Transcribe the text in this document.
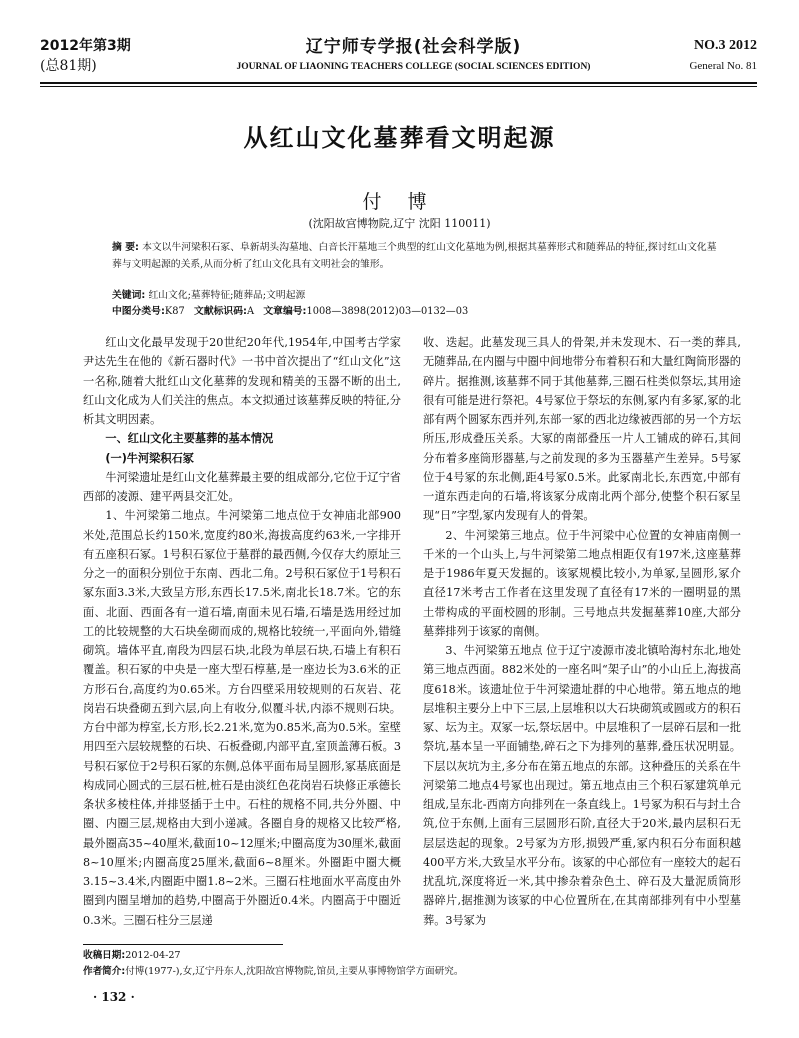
2012年第3期
(总81期)
辽宁师专学报(社会科学版)
JOURNAL OF LIAONING TEACHERS COLLEGE (SOCIAL SCIENCES EDITION)
NO.3 2012
General No. 81
从红山文化墓葬看文明起源
付 博
(沈阳故宫博物院,辽宁 沈阳 110011)
摘 要: 本文以牛河梁积石冢、阜新胡头沟墓地、白音长汗墓地三个典型的红山文化墓地为例,根据其墓葬形式和随葬品的特征,探讨红山文化墓葬与文明起源的关系,从而分析了红山文化具有文明社会的雏形。
关键词: 红山文化;墓葬特征;随葬品;文明起源
中图分类号:K87 文献标识码:A 文章编号:1008—3898(2012)03—0132—03

红山文化最早发现于20世纪20年代,1954年,中国考古学家尹达先生在他的《新石器时代》一书中首次提出了“红山文化”这一名称,随着大批红山文化墓葬的发现和精美的玉器不断的出土,红山文化成为人们关注的焦点。本文拟通过该墓葬反映的特征,分析其文明因素。

一、红山文化主要墓葬的基本情况
(一)牛河梁积石冢

牛河梁遗址是红山文化墓葬最主要的组成部分,它位于辽宁省西部的凌源、建平两县交汇处。

1、牛河梁第二地点。牛河梁第二地点位于女神庙北部900米处,范围总长约150米,宽度约80米,海拔高度约63米,一字排开有五座积石冢。1号积石冢位于墓群的最西侧,今仅存大约原址三分之一的面积分别位于东南、西北二角。2号积石冢位于1号积石冢东面3.3米,大致呈方形,东西长17.5米,南北长18.7米。它的东面、北面、西面各有一道石墙,南面未见石墙,石墙是选用经过加工的比较规整的大石块垒砌而成的,规格比较统一,平面向外,错缝砌筑。墙体平直,南段为四层石块,北段为单层石块,石墙上有积石覆盖。积石冢的中央是一座大型石椁墓,是一座边长为3.6米的正方形石台,高度约为0.65米。方台四壁采用较规则的石灰岩、花岗岩石块叠砌五到六层,向上有收分,似覆斗状,内添不规则石块。方台中部为椁室,长方形,长2.21米,宽为0.85米,高为0.5米。室壁用四至六层较规整的石块、石板叠砌,内部平直,室顶盖薄石板。3号积石冢位于2号积石冢的东侧,总体平面布局呈圆形,冢基底面是构成同心圆式的三层石桩,桩石是由淡红色花岗岩石块修正承德长条状多棱柱体,并排竖插于土中。石柱的规格不同,共分外圈、中圈、内圈三层,规格由大到小递减。各圈自身的规格又比较严格,最外圈高35~40厘米,截面10~12厘米;中圈高度为30厘米,截面8~10厘米;内圈高度25厘米,截面6~8厘米。外圈距中圈大概3.15~3.4米,内圈距中圈1.8~2米。三圈石柱地面水平高度由外圈到内圈呈增加的趋势,中圈高于外圈近0.4米。内圈高于中圈近0.3米。三圈石柱分三层递

收、迭起。此墓发现三具人的骨架,并未发现木、石一类的葬具,无随葬品,在内圈与中圈中间地带分布着积石和大量红陶筒形器的碎片。据推测,该墓葬不同于其他墓葬,三圈石柱类似祭坛,其用途很有可能是进行祭祀。4号冢位于祭坛的东侧,冢内有多冢,冢的北部有两个圆冢东西并列,东部一冢的西北边缘被西部的另一个方坛所压,形成叠压关系。大冢的南部叠压一片人工铺成的碎石,其间分布着多座筒形器墓,与之前发现的多为玉器墓产生差异。5号冢位于4号冢的东北侧,距4号冢0.5米。此冢南北长,东西宽,中部有一道东西走向的石墙,将该冢分成南北两个部分,使整个积石冢呈现“日”字型,冢内发现有人的骨架。

2、牛河梁第三地点。位于牛河梁中心位置的女神庙南侧一千米的一个山头上,与牛河梁第二地点相距仅有197米,这座墓葬是于1986年夏天发掘的。该冢规模比较小,为单冢,呈圆形,冢介直径17米考古工作者在这里发现了直径有17米的一圈明显的黑土带构成的平面校圆的形制。三号地点共发掘墓葬10座,大部分墓葬排列于该冢的南侧。

3、牛河梁第五地点 位于辽宁凌源市凌北镇哈海村东北,地处第三地点西面。882米处的一座名叫“架子山”的小山丘上,海拔高度618米。该遗址位于牛河梁遗址群的中心地带。第五地点的地层堆积主要分上中下三层,上层堆积以大石块砌筑或圆或方的积石冢、坛为主。双冢一坛,祭坛居中。中层堆积了一层碎石层和一批祭坑,基本呈一平面铺垫,碎石之下为排列的墓葬,叠压状况明显。下层以灰坑为主,多分布在第五地点的东部。这种叠压的关系在牛河梁第二地点4号冢也出现过。第五地点由三个积石冢建筑单元组成,呈东北-西南方向排列在一条直线上。1号冢为积石与封土合筑,位于东侧,上面有三层圆形石阶,直径大于20米,最内层积石无层层迭起的现象。2号冢为方形,损毁严重,冢内积石分布面积越400平方米,大致呈水平分布。该冢的中心部位有一座较大的起石扰乱坑,深度将近一米,其中掺杂着杂色土、碎石及大量泥质筒形器碎片,据推测为该冢的中心位置所在,在其南部排列有中小型墓葬。3号冢为

收稿日期:2012-04-27
作者简介:付博(1977-),女,辽宁丹东人,沈阳故宫博物院,馆员,主要从事博物馆学方面研究。
· 132 ·
